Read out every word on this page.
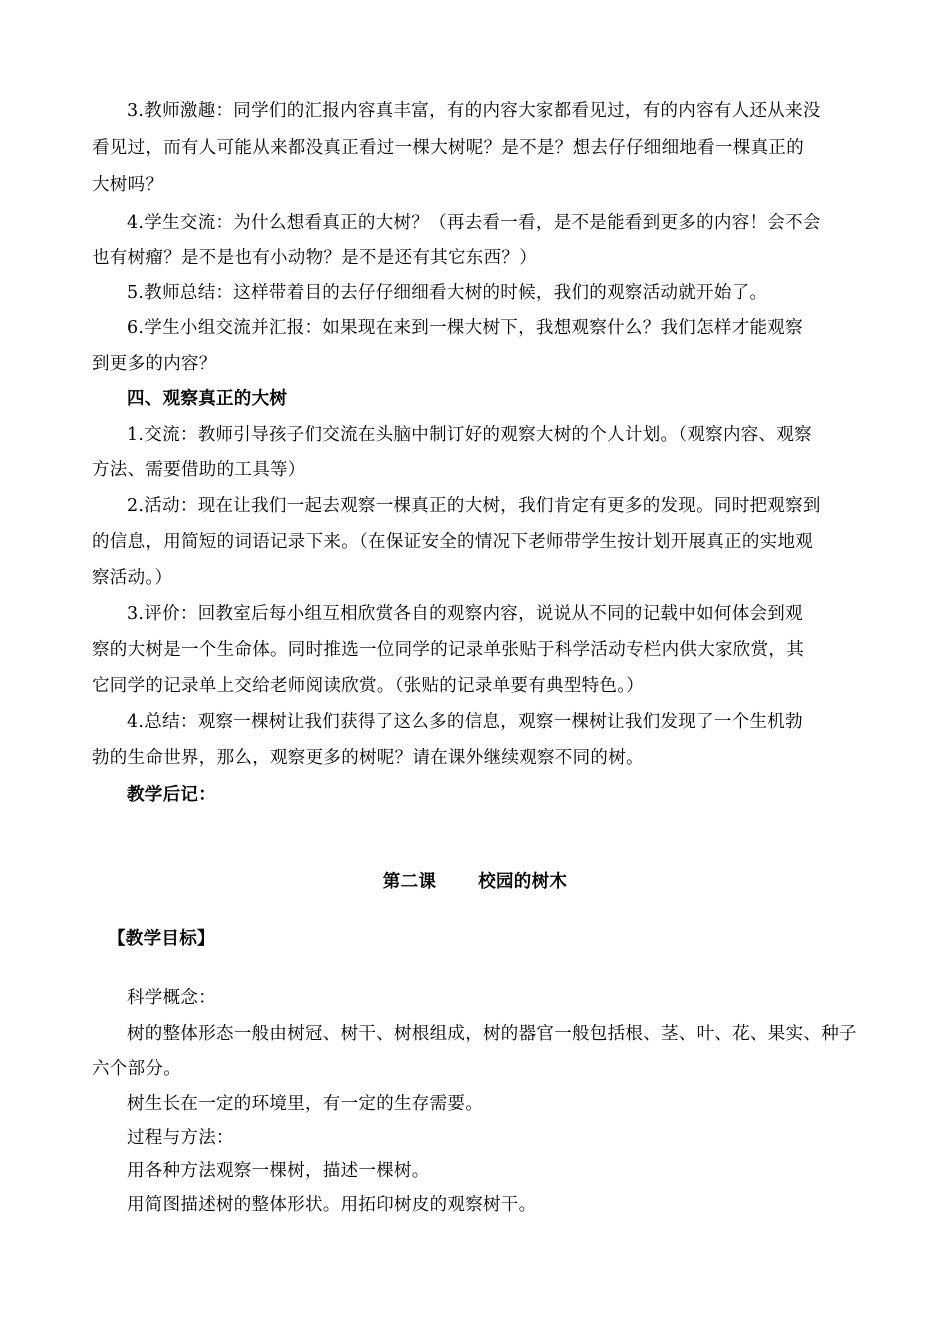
3.教师激趣：同学们的汇报内容真丰富，有的内容大家都看见过，有的内容有人还从来没
看见过，而有人可能从来都没真正看过一棵大树呢？是不是？想去仔仔细细地看一棵真正的
大树吗？
4.学生交流：为什么想看真正的大树？（再去看一看，是不是能看到更多的内容！会不会
也有树瘤？是不是也有小动物？是不是还有其它东西？）
5.教师总结：这样带着目的去仔仔细细看大树的时候，我们的观察活动就开始了。
6.学生小组交流并汇报：如果现在来到一棵大树下，我想观察什么？我们怎样才能观察
到更多的内容？
四、观察真正的大树
1.交流：教师引导孩子们交流在头脑中制订好的观察大树的个人计划。（观察内容、观察
方法、需要借助的工具等）
2.活动：现在让我们一起去观察一棵真正的大树，我们肯定有更多的发现。同时把观察到
的信息，用简短的词语记录下来。（在保证安全的情况下老师带学生按计划开展真正的实地观
察活动。）
3.评价：回教室后每小组互相欣赏各自的观察内容，说说从不同的记载中如何体会到观
察的大树是一个生命体。同时推选一位同学的记录单张贴于科学活动专栏内供大家欣赏，其
它同学的记录单上交给老师阅读欣赏。（张贴的记录单要有典型特色。）
4.总结：观察一棵树让我们获得了这么多的信息，观察一棵树让我们发现了一个生机勃
勃的生命世界，那么，观察更多的树呢？请在课外继续观察不同的树。
教学后记：
第二课 校园的树木
【教学目标】
科学概念：
树的整体形态一般由树冠、树干、树根组成，树的器官一般包括根、茎、叶、花、果实、种子
六个部分。
树生长在一定的环境里，有一定的生存需要。
过程与方法：
用各种方法观察一棵树，描述一棵树。
用简图描述树的整体形状。用拓印树皮的观察树干。
